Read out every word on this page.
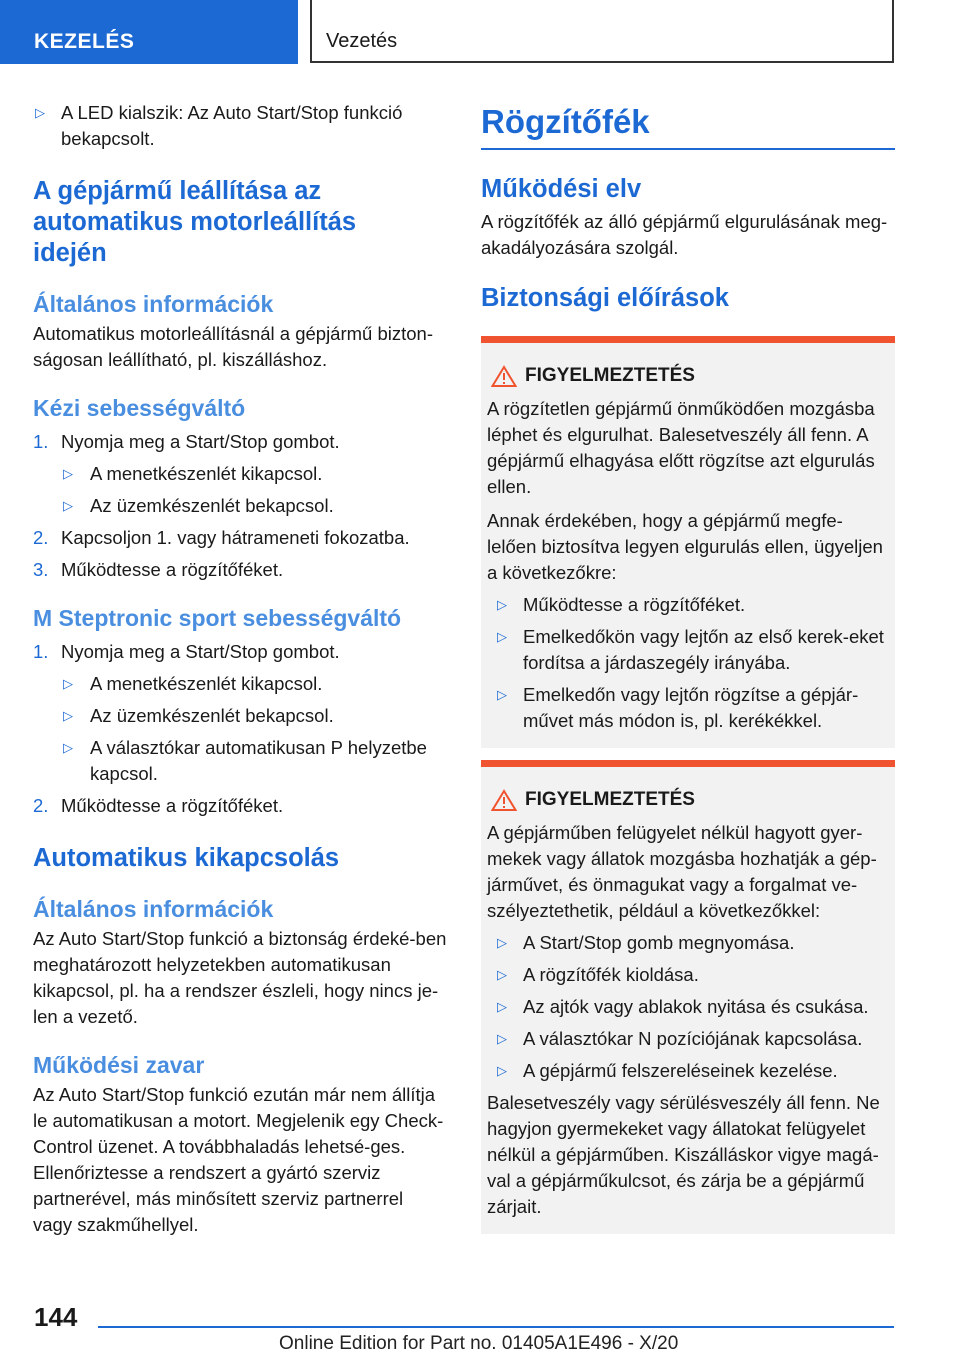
KEZELÉS	Vezetés
▷ A LED kialszik: Az Auto Start/Stop funkció bekapcsolt.
A gépjármű leállítása az
automatikus motorleállítás
idején
Általános információk

Automatikus motorleállításnál a gépjármű bizton-ságosan leállítható, pl. kiszálláshoz.

Kézi sebességváltó
1. Nyomja meg a Start/Stop gombot.
▷ A menetkészenlét kikapcsol.
▷ Az üzemkészenlét bekapcsol.
2. Kapcsoljon 1. vagy hátrameneti fokozatba.
3. Működtesse a rögzítőféket.
M Steptronic sport sebességváltó
1. Nyomja meg a Start/Stop gombot.
▷ A menetkészenlét kikapcsol.
▷ Az üzemkészenlét bekapcsol.
▷ A választókar automatikusan P helyzetbe kapcsol.
2. Működtesse a rögzítőféket.
Automatikus kikapcsolás
Általános információk

Az Auto Start/Stop funkció a biztonság érdeké-ben meghatározott helyzetekben automatikusan kikapcsol, pl. ha a rendszer észleli, hogy nincs je-len a vezető.

Működési zavar

Az Auto Start/Stop funkció ezután már nem állítja le automatikusan a motort. Megjelenik egy Check-Control üzenet. A továbbhaladás lehetsé-ges. Ellenőriztesse a rendszert a gyártó szerviz partnerével, más minősített szerviz partnerrel vagy szakműhellyel.

Rögzítőfék
Működési elv

A rögzítőfék az álló gépjármű elgurulásának meg-akadályozására szolgál.

Biztonsági előírások
FIGYELMEZTETÉS

A rögzítetlen gépjármű önműködően mozgásba léphet és elgurulhat. Balesetveszély áll fenn. A gépjármű elhagyása előtt rögzítse azt elgurulás ellen.

Annak érdekében, hogy a gépjármű megfe-lelően biztosítva legyen elgurulás ellen, ügyeljen a következőkre:

▷ Működtesse a rögzítőféket.
▷ Emelkedőkön vagy lejtőn az első kerek-eket fordítsa a járdaszegély irányába.
▷ Emelkedőn vagy lejtőn rögzítse a gépjár-művet más módon is, pl. kerékékkel.
FIGYELMEZTETÉS

A gépjárműben felügyelet nélkül hagyott gyer-mekek vagy állatok mozgásba hozhatják a gép-járművet, és önmagukat vagy a forgalmat ve-szélyeztethetik, például a következőkkel:

▷ A Start/Stop gomb megnyomása.
▷ A rögzítőfék kioldása.
▷ Az ajtók vagy ablakok nyitása és csukása.
▷ A választókar N pozíciójának kapcsolása.
▷ A gépjármű felszereléseinek kezelése.

Balesetveszély vagy sérülésveszély áll fenn. Ne hagyjon gyermekeket vagy állatokat felügyelet nélkül a gépjárműben. Kiszálláskor vigye magá-val a gépjárműkulcsot, és zárja be a gépjármű zárjait.

144
Online Edition for Part no. 01405A1E496 - X/20
